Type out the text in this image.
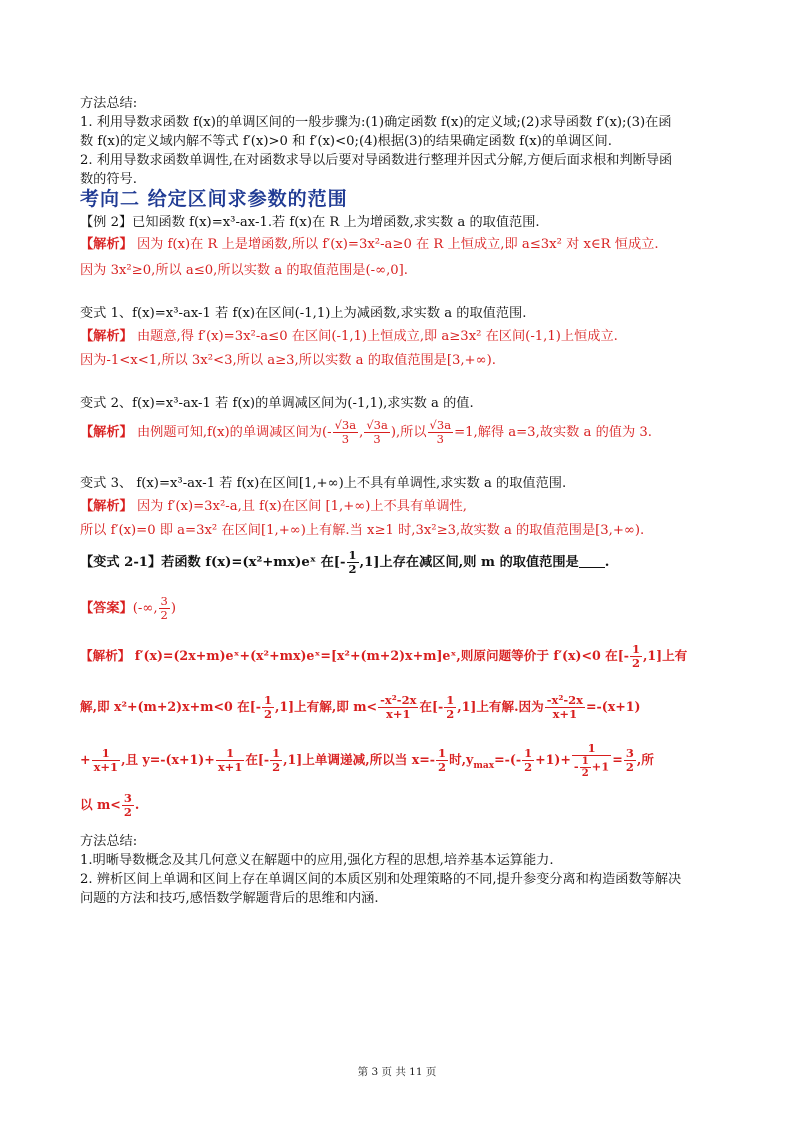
方法总结:
1. 利用导数求函数 f(x)的单调区间的一般步骤为:(1)确定函数 f(x)的定义域;(2)求导函数 f′(x);(3)在函
数 f(x)的定义域内解不等式 f′(x)>0 和 f′(x)<0;(4)根据(3)的结果确定函数 f(x)的单调区间.
2. 利用导数求函数单调性,在对函数求导以后要对导函数进行整理并因式分解,方便后面求根和判断导函
数的符号.
考向二 给定区间求参数的范围
【例 2】已知函数 f(x)=x³-ax-1.若 f(x)在 R 上为增函数,求实数 a 的取值范围.
【解析】 因为 f(x)在 R 上是增函数,所以 f′(x)=3x²-a≥0 在 R 上恒成立,即 a≤3x² 对 x∈R 恒成立.
因为 3x²≥0,所以 a≤0,所以实数 a 的取值范围是(-∞,0].
变式 1、f(x)=x³-ax-1 若 f(x)在区间(-1,1)上为减函数,求实数 a 的取值范围.
【解析】 由题意,得 f′(x)=3x²-a≤0 在区间(-1,1)上恒成立,即 a≥3x² 在区间(-1,1)上恒成立.
因为-1<x<1,所以 3x²<3,所以 a≥3,所以实数 a 的取值范围是[3,+∞).
变式 2、f(x)=x³-ax-1 若 f(x)的单调减区间为(-1,1),求实数 a 的值.
【解析】 由例题可知,f(x)的单调减区间为(- $\frac{√3a}{3}$ , $\frac{√3a}{3}$ ),所以 $\frac{√3a}{3} =1$,解得 a=3,故实数 a 的值为 3.
变式 3、 f(x)=x³-ax-1 若 f(x)在区间[1,+∞)上不具有单调性,求实数 a 的取值范围.
【解析】 因为 f′(x)=3x²-a,且 f(x)在区间 [1,+∞)上不具有单调性,
所以 f′(x)=0 即 a=3x² 在区间[1,+∞)上有解.当 x≥1 时,3x²≥3,故实数 a 的取值范围是[3,+∞).
【变式 2-1】若函数 f(x)=(x²+mx)eˣ 在[- $\frac{1}{2} ,1$]上存在减区间,则 m 的取值范围是 .
【答案】(-∞, $\frac{3}{2}$ )
【解析】 f′(x)=(2x+m)eˣ+(x²+mx)eˣ=[x²+(m+2)x+m]eˣ,则原问题等价于 f′(x)<0 在[- $\frac{1}{2} ,1$]上有
解,即 x²+(m+2)x+m<0 在[- $\frac{1}{2} ,1$]上有解,即 $m< \frac{\text{-x²-2x}}{x+1}$ 在[- $\frac{1}{2} ,1$]上有解.因为 $\frac{\text{-x²-2x}}{x+1} =-(x+1)$
+ $\frac{1}{x+1}$ ,且 $y=-(x+1)+ \frac{1}{x+1}$ 在[- $\frac{1}{2} ,1$]上单调递减,所以当 $x=- \frac{1}{2}$ 时$,y_{max}=-(- \frac{1}{2} +1)+ \frac{1}{- \frac{1}{2} +1} = \frac{3}{2}$ ,所
以 $m< \frac{3}{2}$ .
方法总结:
1.明晰导数概念及其几何意义在解题中的应用,强化方程的思想,培养基本运算能力.
2. 辨析区间上单调和区间上存在单调区间的本质区别和处理策略的不同,提升参变分离和构造函数等解决
问题的方法和技巧,感悟数学解题背后的思维和内涵.
第 3 页 共 11 页
